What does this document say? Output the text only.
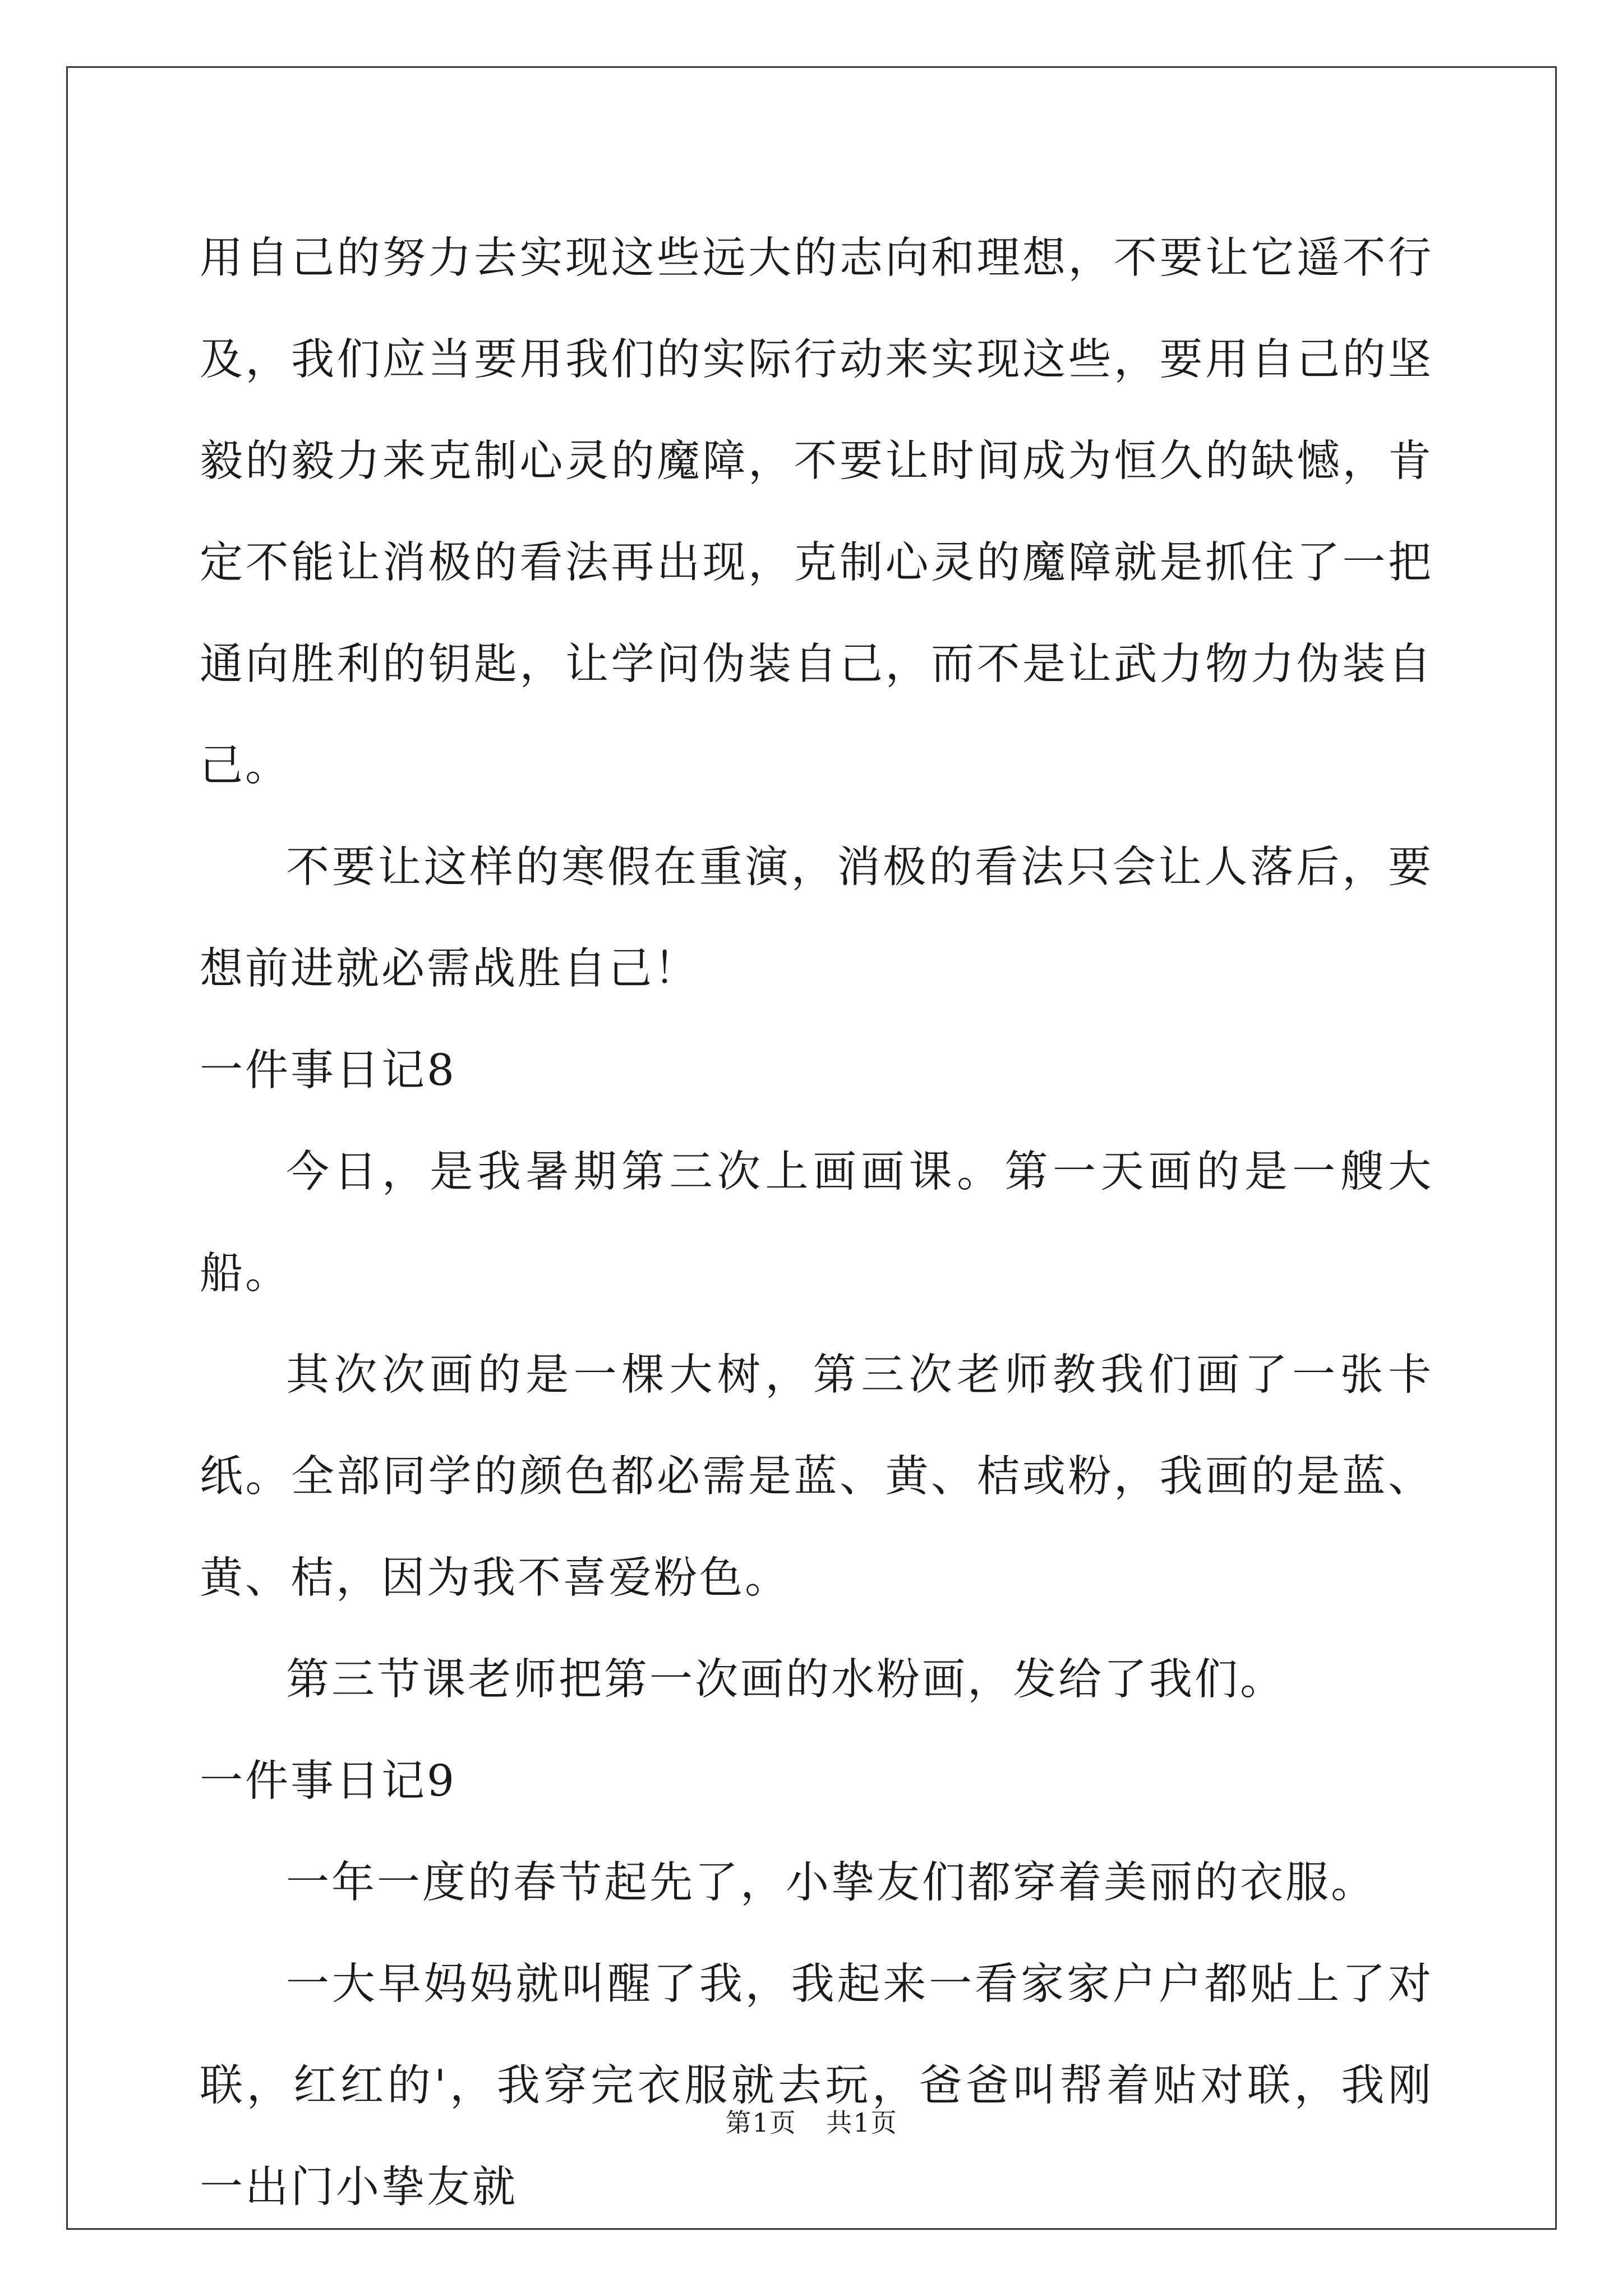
用自己的努力去实现这些远大的志向和理想，不要让它遥不行及，我们应当要用我们的实际行动来实现这些，要用自己的坚毅的毅力来克制心灵的魔障，不要让时间成为恒久的缺憾，肯定不能让消极的看法再出现，克制心灵的魔障就是抓住了一把通向胜利的钥匙，让学问伪装自己，而不是让武力物力伪装自己。

不要让这样的寒假在重演，消极的看法只会让人落后，要想前进就必需战胜自己！

一件事日记8

今日，是我暑期第三次上画画课。第一天画的是一艘大船。

其次次画的是一棵大树，第三次老师教我们画了一张卡纸。全部同学的颜色都必需是蓝、黄、桔或粉，我画的是蓝、黄、桔，因为我不喜爱粉色。

第三节课老师把第一次画的水粉画，发给了我们。

一件事日记9

一年一度的春节起先了，小挚友们都穿着美丽的衣服。

一大早妈妈就叫醒了我，我起来一看家家户户都贴上了对联，红红的'，我穿完衣服就去玩，爸爸叫帮着贴对联，我刚一出门小挚友就

第1页 共1页
